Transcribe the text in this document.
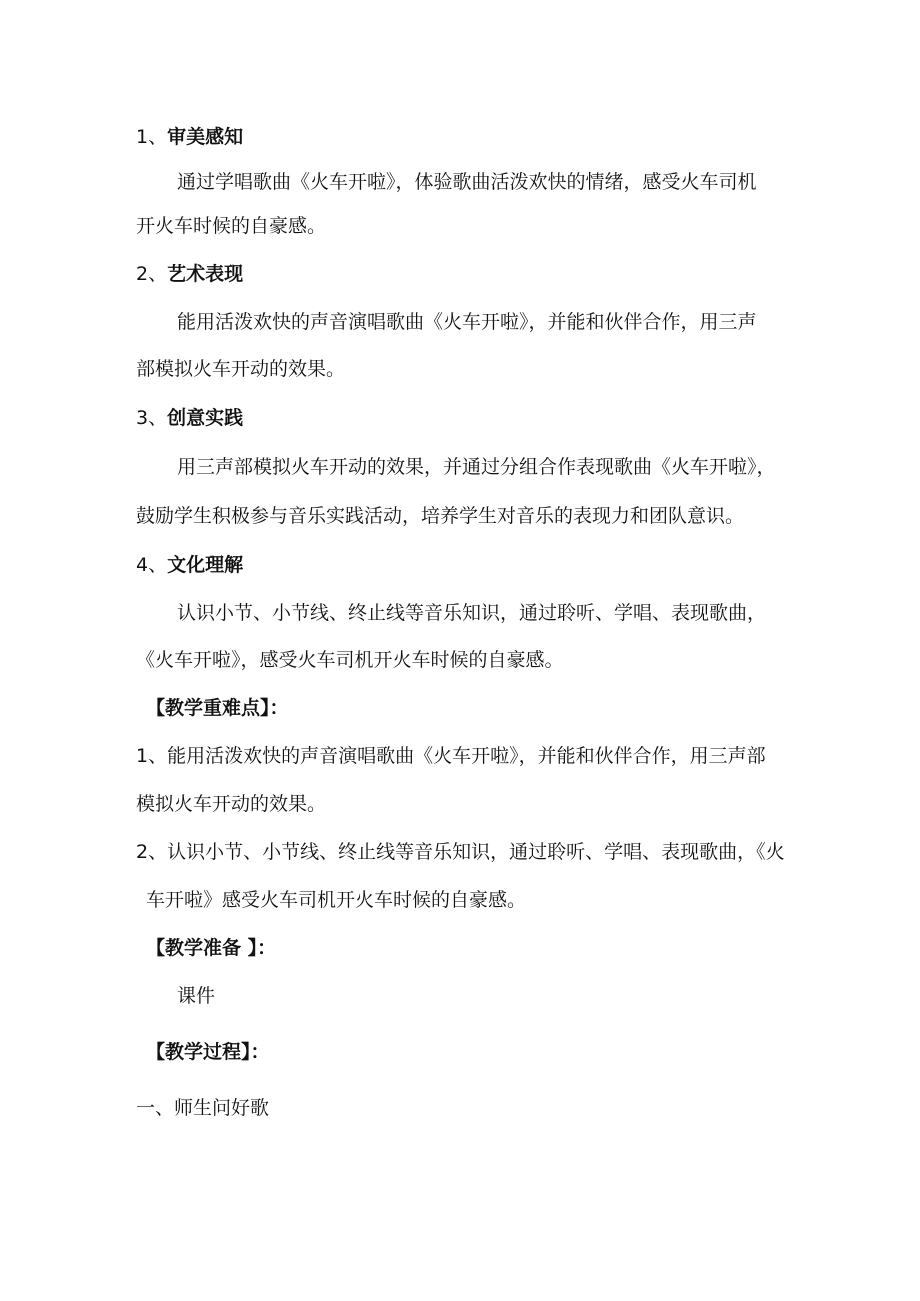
1、审美感知
通过学唱歌曲《火车开啦》，体验歌曲活泼欢快的情绪，感受火车司机
开火车时候的自豪感。
2、艺术表现
能用活泼欢快的声音演唱歌曲《火车开啦》，并能和伙伴合作，用三声
部模拟火车开动的效果。
3、创意实践
用三声部模拟火车开动的效果，并通过分组合作表现歌曲《火车开啦》，
鼓励学生积极参与音乐实践活动，培养学生对音乐的表现力和团队意识。
4、文化理解
认识小节、小节线、终止线等音乐知识，通过聆听、学唱、表现歌曲，
《火车开啦》，感受火车司机开火车时候的自豪感。
【教学重难点】：
1、能用活泼欢快的声音演唱歌曲《火车开啦》，并能和伙伴合作，用三声部
模拟火车开动的效果。
2、认识小节、小节线、终止线等音乐知识，通过聆听、学唱、表现歌曲，《火
车开啦》感受火车司机开火车时候的自豪感。
【教学准备 】：
课件
【教学过程】：
一、师生问好歌
